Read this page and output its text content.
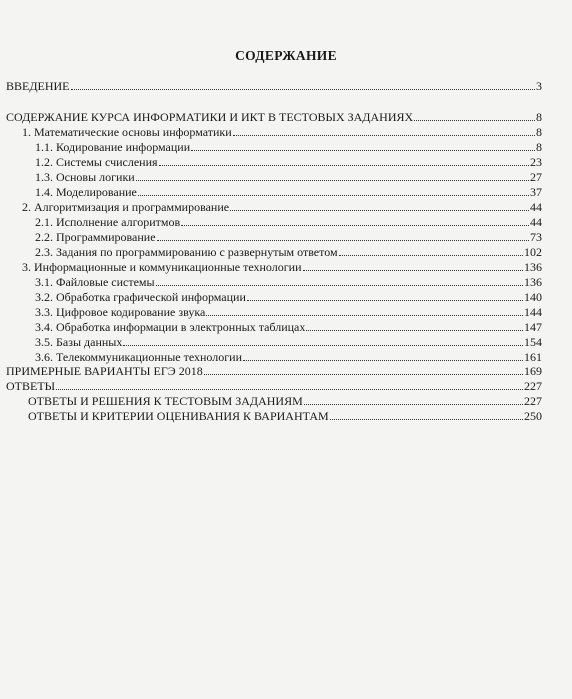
СОДЕРЖАНИЕ
ВВЕДЕНИЕ	3
СОДЕРЖАНИЕ КУРСА ИНФОРМАТИКИ И ИКТ В ТЕСТОВЫХ ЗАДАНИЯХ	8
1. Математические основы информатики	8
1.1. Кодирование информации	8
1.2. Системы счисления	23
1.3. Основы логики	27
1.4. Моделирование	37
2. Алгоритмизация и программирование	44
2.1. Исполнение алгоритмов	44
2.2. Программирование	73
2.3. Задания по программированию с развернутым ответом	102
3. Информационные и коммуникационные технологии	136
3.1. Файловые системы	136
3.2. Обработка графической информации	140
3.3. Цифровое кодирование звука	144
3.4. Обработка информации в электронных таблицах	147
3.5. Базы данных	154
3.6. Телекоммуникационные технологии	161
ПРИМЕРНЫЕ ВАРИАНТЫ ЕГЭ 2018	169
ОТВЕТЫ	227
ОТВЕТЫ И РЕШЕНИЯ К ТЕСТОВЫМ ЗАДАНИЯМ	227
ОТВЕТЫ И КРИТЕРИИ ОЦЕНИВАНИЯ К ВАРИАНТАМ	250
